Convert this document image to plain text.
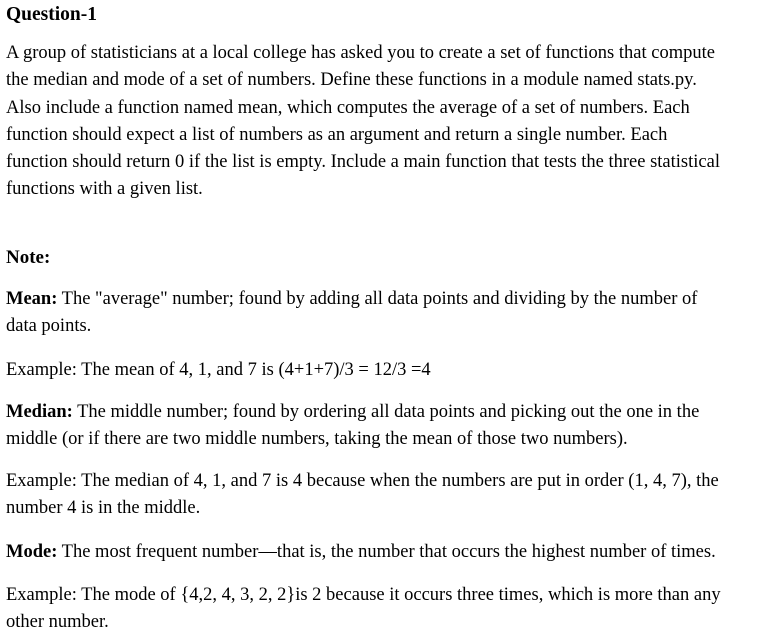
Question-1
A group of statisticians at a local college has asked you to create a set of functions that compute
the median and mode of a set of numbers. Define these functions in a module named stats.py.
Also include a function named mean, which computes the average of a set of numbers. Each
function should expect a list of numbers as an argument and return a single number. Each
function should return 0 if the list is empty. Include a main function that tests the three statistical
functions with a given list.
Note:
Mean: The "average" number; found by adding all data points and dividing by the number of
data points.
Example: The mean of 4, 1, and 7 is (4+1+7)/3 = 12/3 =4
Median: The middle number; found by ordering all data points and picking out the one in the
middle (or if there are two middle numbers, taking the mean of those two numbers).
Example: The median of 4, 1, and 7 is 4 because when the numbers are put in order (1, 4, 7), the
number 4 is in the middle.
Mode: The most frequent number—that is, the number that occurs the highest number of times.
Example: The mode of {4,2, 4, 3, 2, 2}is 2 because it occurs three times, which is more than any
other number.
